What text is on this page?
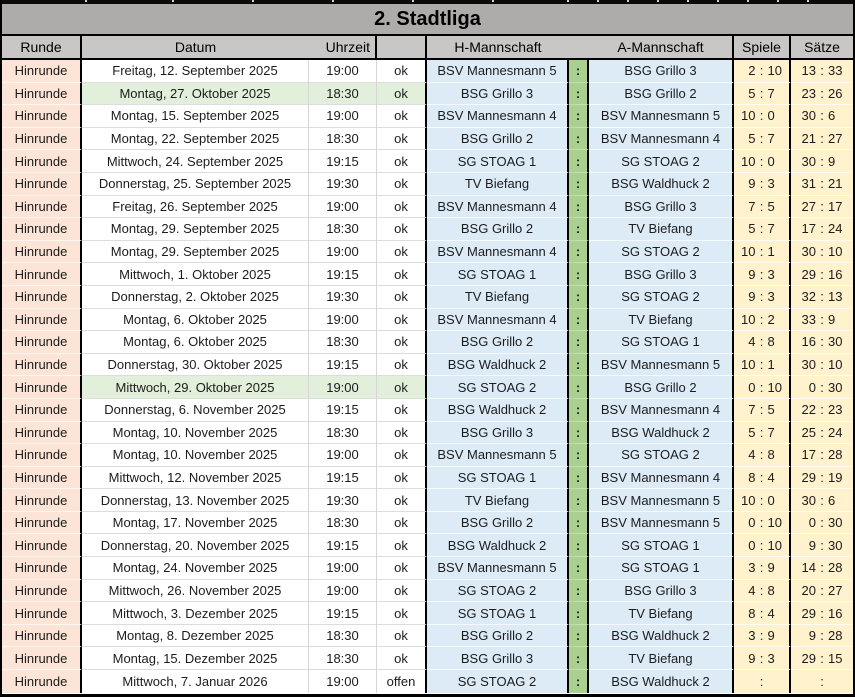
2. Stadtliga
Runde	Datum	Uhrzeit	H-Mannschaft	A-Mannschaft	Spiele	Sätze
Hinrunde	Freitag, 12. September 2025	19:00	ok	BSV Mannesmann 5	:	BSG Grillo 3	2 : 10	13 : 33
Hinrunde	Montag, 27. Oktober 2025	18:30	ok	BSG Grillo 3	:	BSG Grillo 2	5 : 7	23 : 26
Hinrunde	Montag, 15. September 2025	19:00	ok	BSV Mannesmann 4	:	BSV Mannesmann 5	10 : 0	30 : 6
Hinrunde	Montag, 22. September 2025	18:30	ok	BSG Grillo 2	:	BSV Mannesmann 4	5 : 7	21 : 27
Hinrunde	Mittwoch, 24. September 2025	19:15	ok	SG STOAG 1	:	SG STOAG 2	10 : 0	30 : 9
Hinrunde	Donnerstag, 25. September 2025	19:30	ok	TV Biefang	:	BSG Waldhuck 2	9 : 3	31 : 21
Hinrunde	Freitag, 26. September 2025	19:00	ok	BSV Mannesmann 4	:	BSG Grillo 3	7 : 5	27 : 17
Hinrunde	Montag, 29. September 2025	18:30	ok	BSG Grillo 2	:	TV Biefang	5 : 7	17 : 24
Hinrunde	Montag, 29. September 2025	19:00	ok	BSV Mannesmann 4	:	SG STOAG 2	10 : 1	30 : 10
Hinrunde	Mittwoch, 1. Oktober 2025	19:15	ok	SG STOAG 1	:	BSG Grillo 3	9 : 3	29 : 16
Hinrunde	Donnerstag, 2. Oktober 2025	19:30	ok	TV Biefang	:	SG STOAG 2	9 : 3	32 : 13
Hinrunde	Montag, 6. Oktober 2025	19:00	ok	BSV Mannesmann 4	:	TV Biefang	10 : 2	33 : 9
Hinrunde	Montag, 6. Oktober 2025	18:30	ok	BSG Grillo 2	:	SG STOAG 1	4 : 8	16 : 30
Hinrunde	Donnerstag, 30. Oktober 2025	19:15	ok	BSG Waldhuck 2	:	BSV Mannesmann 5	10 : 1	30 : 10
Hinrunde	Mittwoch, 29. Oktober 2025	19:00	ok	SG STOAG 2	:	BSG Grillo 2	0 : 10	0 : 30
Hinrunde	Donnerstag, 6. November 2025	19:15	ok	BSG Waldhuck 2	:	BSV Mannesmann 4	7 : 5	22 : 23
Hinrunde	Montag, 10. November 2025	18:30	ok	BSG Grillo 3	:	BSG Waldhuck 2	5 : 7	25 : 24
Hinrunde	Montag, 10. November 2025	19:00	ok	BSV Mannesmann 5	:	SG STOAG 2	4 : 8	17 : 28
Hinrunde	Mittwoch, 12. November 2025	19:15	ok	SG STOAG 1	:	BSV Mannesmann 4	8 : 4	29 : 19
Hinrunde	Donnerstag, 13. November 2025	19:30	ok	TV Biefang	:	BSV Mannesmann 5	10 : 0	30 : 6
Hinrunde	Montag, 17. November 2025	18:30	ok	BSG Grillo 2	:	BSV Mannesmann 5	0 : 10	0 : 30
Hinrunde	Donnerstag, 20. November 2025	19:15	ok	BSG Waldhuck 2	:	SG STOAG 1	0 : 10	9 : 30
Hinrunde	Montag, 24. November 2025	19:00	ok	BSV Mannesmann 5	:	SG STOAG 1	3 : 9	14 : 28
Hinrunde	Mittwoch, 26. November 2025	19:00	ok	SG STOAG 2	:	BSG Grillo 3	4 : 8	20 : 27
Hinrunde	Mittwoch, 3. Dezember 2025	19:15	ok	SG STOAG 1	:	TV Biefang	8 : 4	29 : 16
Hinrunde	Montag, 8. Dezember 2025	18:30	ok	BSG Grillo 2	:	BSG Waldhuck 2	3 : 9	9 : 28
Hinrunde	Montag, 15. Dezember 2025	18:30	ok	BSG Grillo 3	:	TV Biefang	9 : 3	29 : 15
Hinrunde	Mittwoch, 7. Januar 2026	19:00	offen	SG STOAG 2	:	BSG Waldhuck 2	:	:
